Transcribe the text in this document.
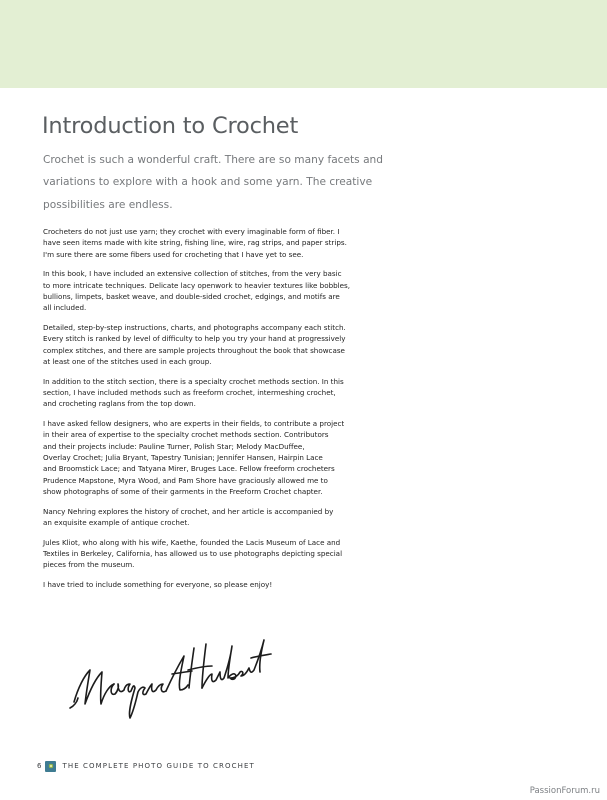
Introduction to Crochet
Crochet is such a wonderful craft. There are so many facets and
variations to explore with a hook and some yarn. The creative
possibilities are endless.
Crocheters do not just use yarn; they crochet with every imaginable form of fiber. I
have seen items made with kite string, fishing line, wire, rag strips, and paper strips.
I'm sure there are some fibers used for crocheting that I have yet to see.
In this book, I have included an extensive collection of stitches, from the very basic
to more intricate techniques. Delicate lacy openwork to heavier textures like bobbles,
bullions, limpets, basket weave, and double-sided crochet, edgings, and motifs are
all included.
Detailed, step-by-step instructions, charts, and photographs accompany each stitch.
Every stitch is ranked by level of difficulty to help you try your hand at progressively
complex stitches, and there are sample projects throughout the book that showcase
at least one of the stitches used in each group.
In addition to the stitch section, there is a specialty crochet methods section. In this
section, I have included methods such as freeform crochet, intermeshing crochet,
and crocheting raglans from the top down.
I have asked fellow designers, who are experts in their fields, to contribute a project
in their area of expertise to the specialty crochet methods section. Contributors
and their projects include: Pauline Turner, Polish Star; Melody MacDuffee,
Overlay Crochet; Julia Bryant, Tapestry Tunisian; Jennifer Hansen, Hairpin Lace
and Broomstick Lace; and Tatyana Mirer, Bruges Lace. Fellow freeform crocheters
Prudence Mapstone, Myra Wood, and Pam Shore have graciously allowed me to
show photographs of some of their garments in the Freeform Crochet chapter.
Nancy Nehring explores the history of crochet, and her article is accompanied by
an exquisite example of antique crochet.
Jules Kliot, who along with his wife, Kaethe, founded the Lacis Museum of Lace and
Textiles in Berkeley, California, has allowed us to use photographs depicting special
pieces from the museum.
I have tried to include something for everyone, so please enjoy!
6	THE COMPLETE PHOTO GUIDE TO CROCHET
PassionForum.ru
